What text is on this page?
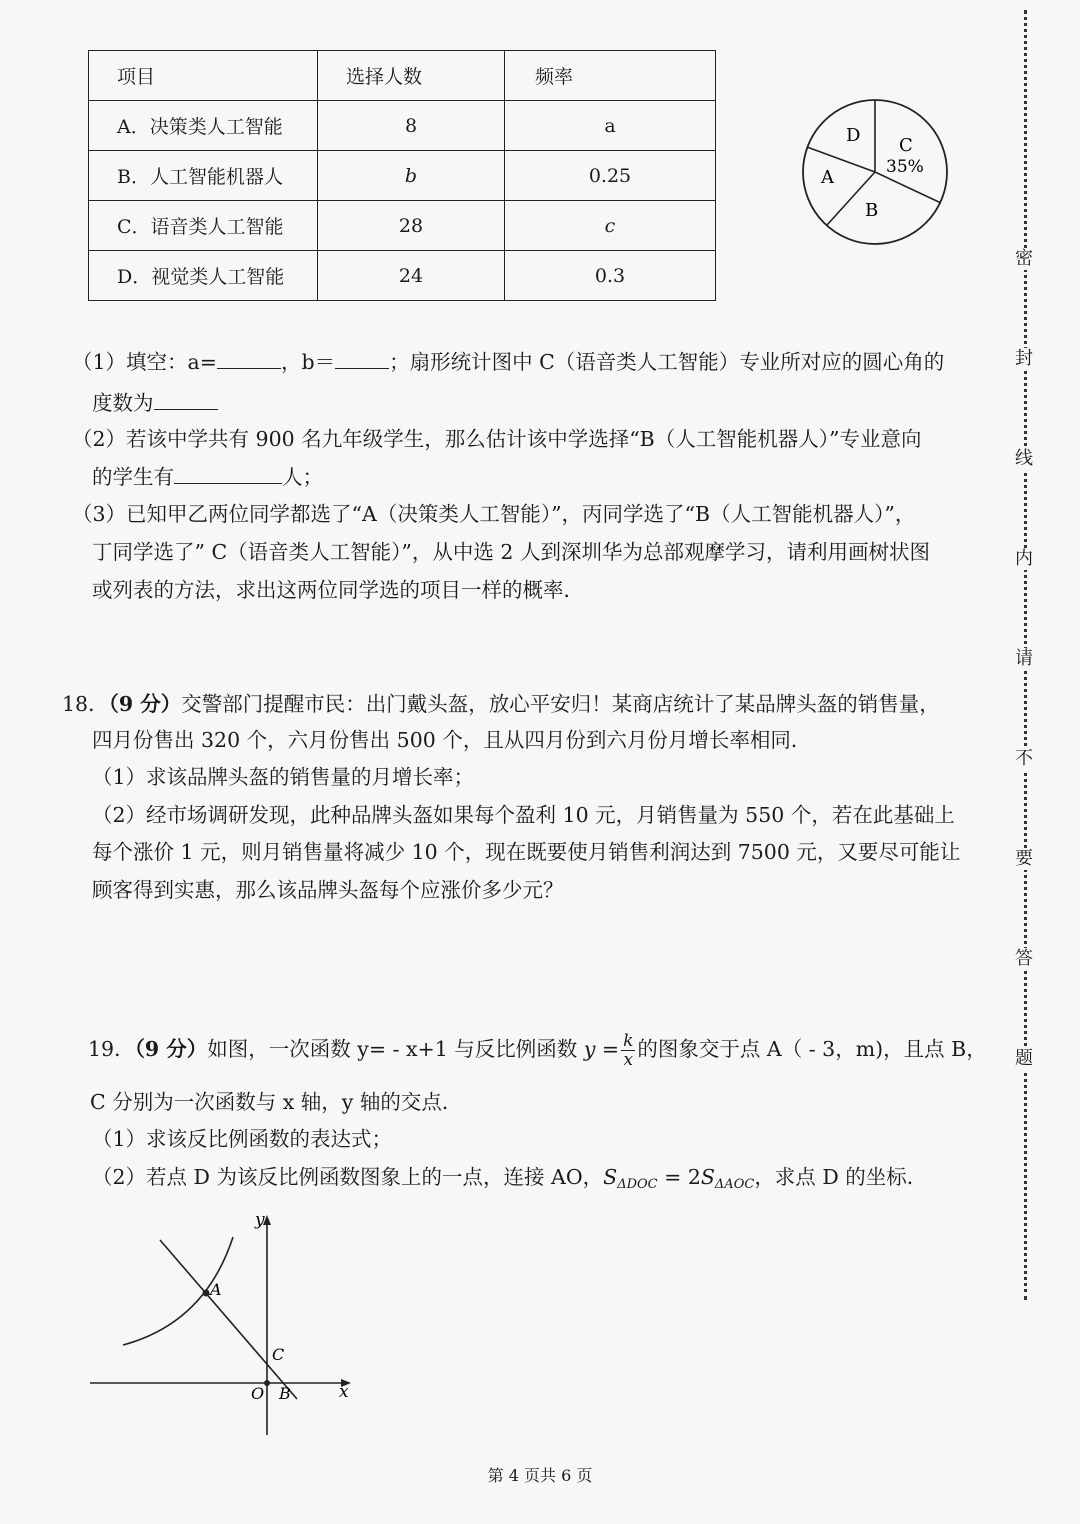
项目	选择人数	频率
A．决策类人工智能	8	a
B．人工智能机器人	b	0.25
C．语音类人工智能	28	c
D．视觉类人工智能	24	0.3
D C
35%
A
B
（1）填空：a=	，b＝	；扇形统计图中 C（语音类人工智能）专业所对应的圆心角的
度数为
（2）若该中学共有 900 名九年级学生，那么估计该中学选择“B（人工智能机器人）”专业意向
的学生有	人；
（3）已知甲乙两位同学都选了“A（决策类人工智能）”，丙同学选了“B（人工智能机器人）”，
丁同学选了” C（语音类人工智能）”，从中选 2 人到深圳华为总部观摩学习，请利用画树状图
或列表的方法，求出这两位同学选的项目一样的概率．
18．（9 分）交警部门提醒市民：出门戴头盔，放心平安归！某商店统计了某品牌头盔的销售量，
四月份售出 320 个，六月份售出 500 个，且从四月份到六月份月增长率相同．
（1）求该品牌头盔的销售量的月增长率；
（2）经市场调研发现，此种品牌头盔如果每个盈利 10 元，月销售量为 550 个，若在此基础上
每个涨价 1 元，则月销售量将减少 10 个，现在既要使月销售利润达到 7500 元，又要尽可能让
顾客得到实惠，那么该品牌头盔每个应涨价多少元？
19．（9 分）如图，一次函数 y= - x+1 与反比例函数 $y = \frac{k}{x}$ 的图象交于点 A（ - 3，m)，且点 B，
C 分别为一次函数与 x 轴，y 轴的交点．
（1）求该反比例函数的表达式；
（2）若点 D 为该反比例函数图象上的一点，连接 AO，$S_{\Delta DOC} = 2S_{\Delta AOC}$，求点 D 的坐标．
y
x
A
C
O B
密
封
线
内
请
不
要
答
题
第 4 页共 6 页
